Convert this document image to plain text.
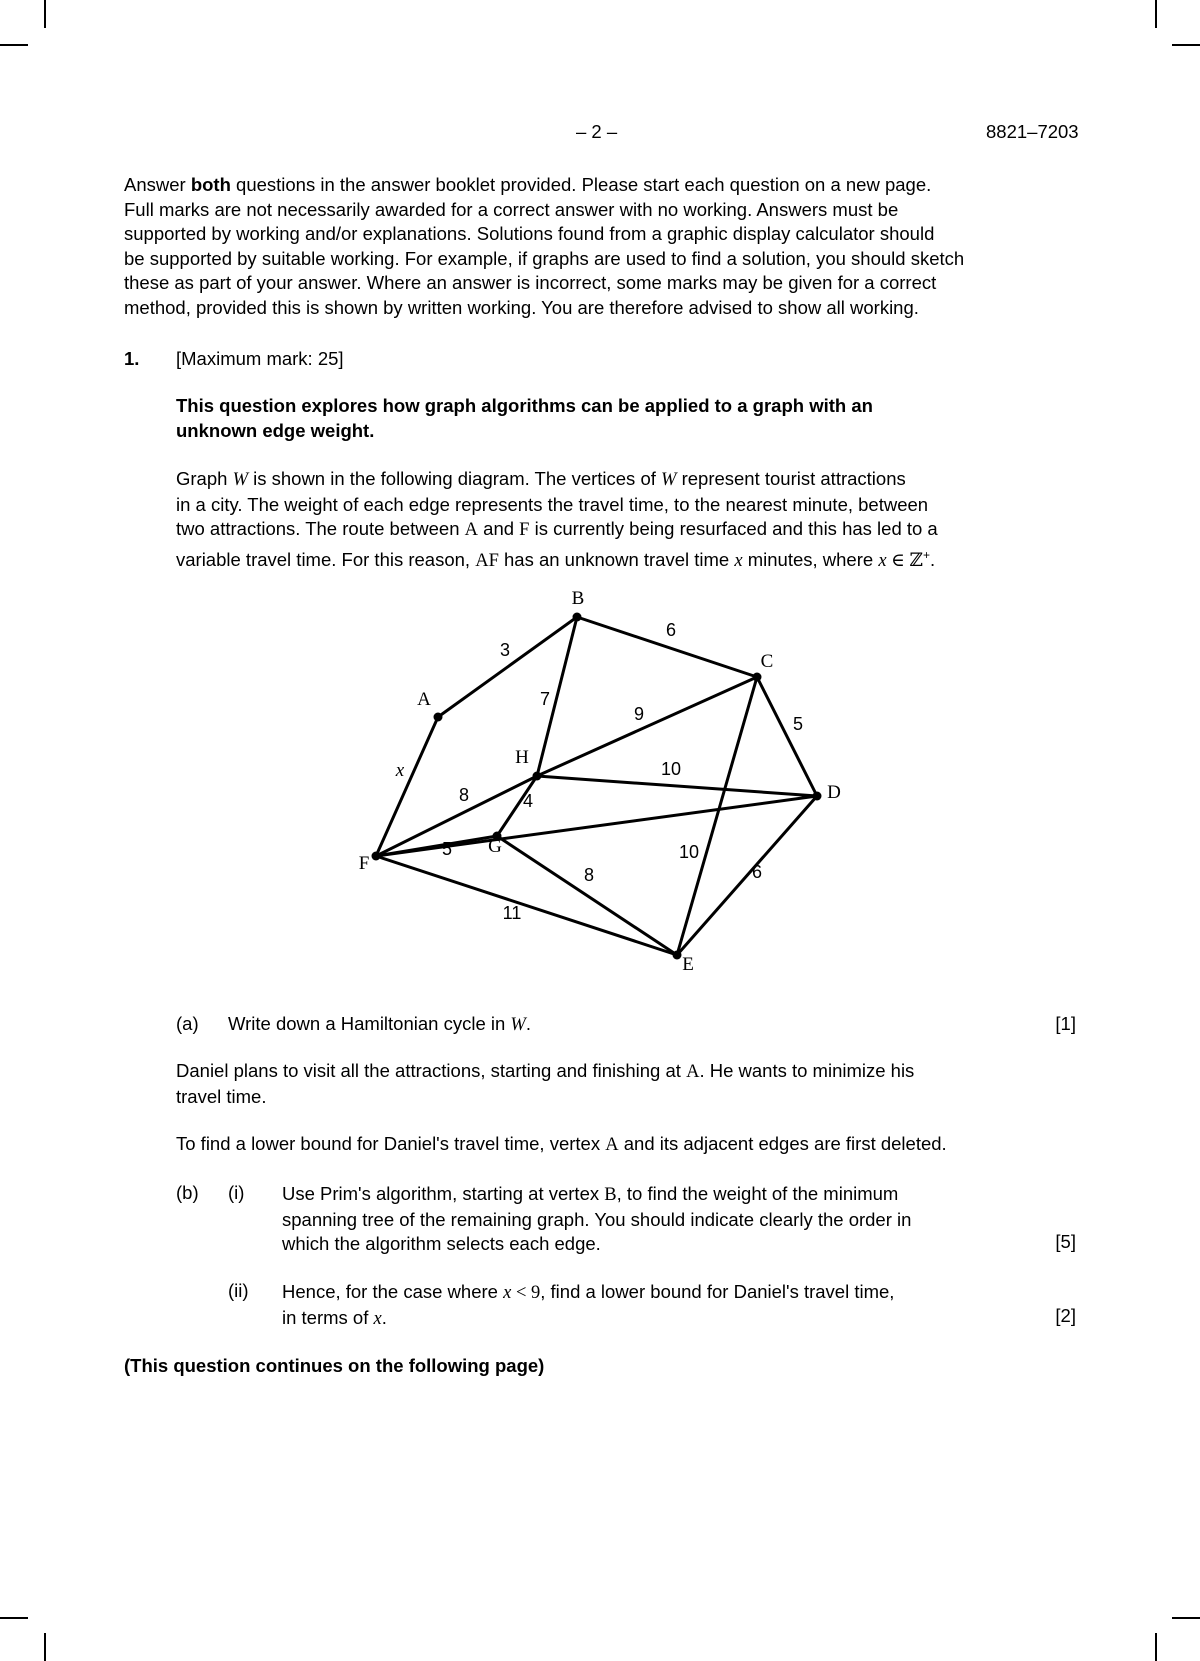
– 2 –	8821–7203
Answer both questions in the answer booklet provided. Please start each question on a new page.
Full marks are not necessarily awarded for a correct answer with no working. Answers must be
supported by working and/or explanations. Solutions found from a graphic display calculator should
be supported by suitable working. For example, if graphs are used to find a solution, you should sketch
these as part of your answer. Where an answer is incorrect, some marks may be given for a correct
method, provided this is shown by written working. You are therefore advised to show all working.
1. [Maximum mark: 25]
This question explores how graph algorithms can be applied to a graph with an
unknown edge weight.
Graph W is shown in the following diagram. The vertices of W represent tourist attractions
in a city. The weight of each edge represents the travel time, to the nearest minute, between
two attractions. The route between A and F is currently being resurfaced and this has led to a
variable travel time. For this reason, AF has an unknown travel time x minutes, where x ∈ ℤ+.
3
6
7
x
9	5
10
8	4
5
8
10
6
11
A
B
C
D
E
F
G
H
(a) Write down a Hamiltonian cycle in W.	[1]
Daniel plans to visit all the attractions, starting and finishing at A. He wants to minimize his
travel time.
To find a lower bound for Daniel's travel time, vertex A and its adjacent edges are first deleted.
(b) (i) Use Prim's algorithm, starting at vertex B, to find the weight of the minimum
spanning tree of the remaining graph. You should indicate clearly the order in
which the algorithm selects each edge.	[5]
(ii) Hence, for the case where x < 9, find a lower bound for Daniel's travel time,
in terms of x.	[2]
(This question continues on the following page)
